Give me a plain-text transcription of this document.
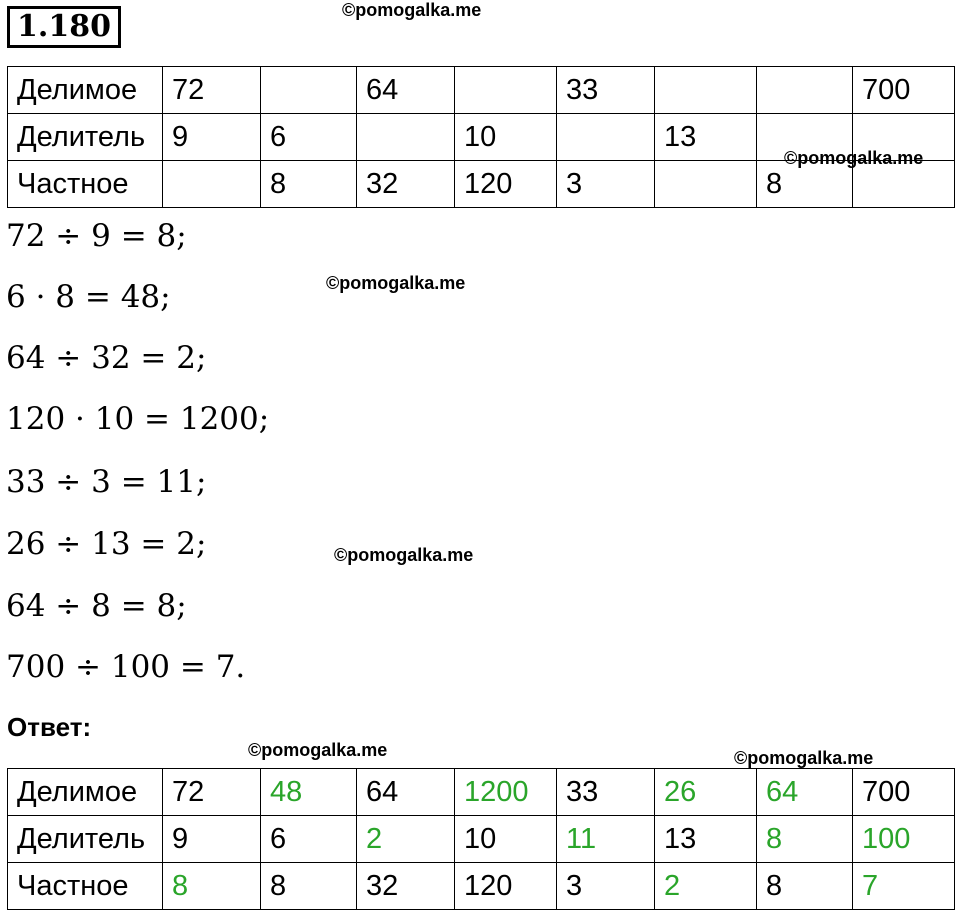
1.180	©pomogalka.me
Делимое	72		64		33			700
Делитель	9	6		10		13		
Частное		8	32	120	3		8	
©pomogalka.me
72 ÷ 9 = 8;
6 · 8 = 48;	©pomogalka.me
64 ÷ 32 = 2;
120 · 10 = 1200;
33 ÷ 3 = 11;
26 ÷ 13 = 2;	©pomogalka.me
64 ÷ 8 = 8;
700 ÷ 100 = 7.
Ответ:
©pomogalka.me	©pomogalka.me
Делимое	72	48	64	1200	33	26	64	700
Делитель	9	6	2	10	11	13	8	100
Частное	8	8	32	120	3	2	8	7
